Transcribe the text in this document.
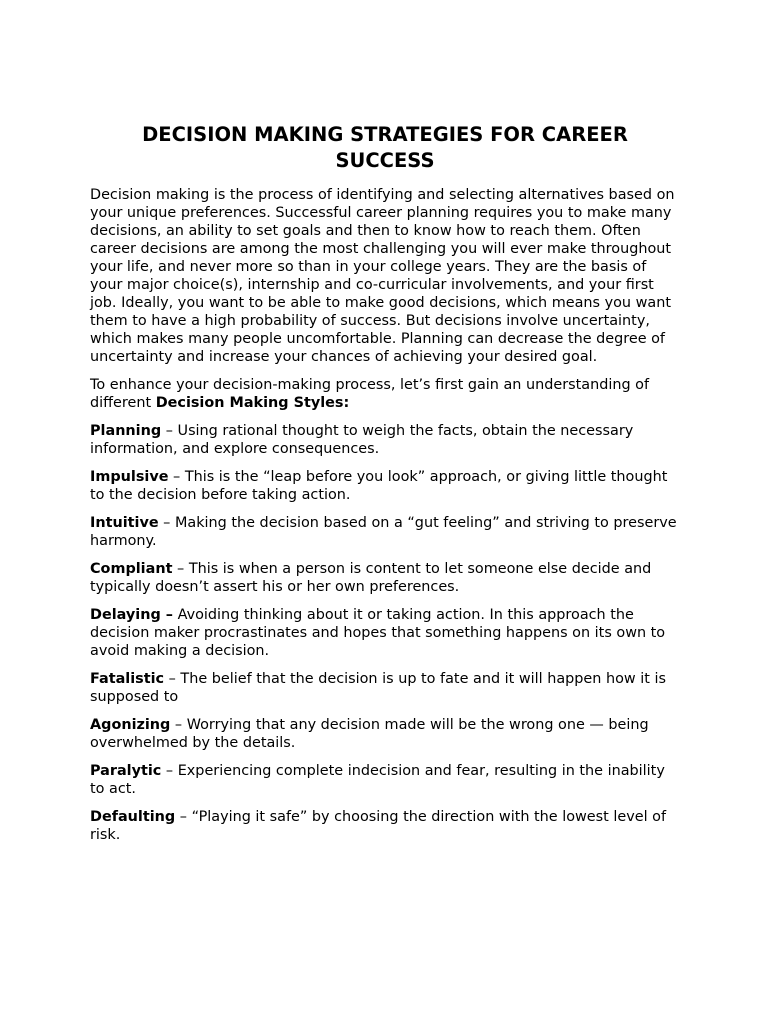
DECISION MAKING STRATEGIES FOR CAREER SUCCESS

Decision making is the process of identifying and selecting alternatives based on your unique preferences. Successful career planning requires you to make many decisions, an ability to set goals and then to know how to reach them. Often career decisions are among the most challenging you will ever make throughout your life, and never more so than in your college years. They are the basis of your major choice(s), internship and co-curricular involvements, and your first job. Ideally, you want to be able to make good decisions, which means you want them to have a high probability of success. But decisions involve uncertainty, which makes many people uncomfortable. Planning can decrease the degree of uncertainty and increase your chances of achieving your desired goal.

To enhance your decision-making process, let’s first gain an understanding of different Decision Making Styles:

Planning – Using rational thought to weigh the facts, obtain the necessary information, and explore consequences.

Impulsive – This is the “leap before you look” approach, or giving little thought to the decision before taking action.

Intuitive – Making the decision based on a “gut feeling” and striving to preserve harmony.

Compliant – This is when a person is content to let someone else decide and typically doesn’t assert his or her own preferences.

Delaying – Avoiding thinking about it or taking action. In this approach the decision maker procrastinates and hopes that something happens on its own to avoid making a decision.

Fatalistic – The belief that the decision is up to fate and it will happen how it is supposed to

Agonizing – Worrying that any decision made will be the wrong one — being overwhelmed by the details.

Paralytic – Experiencing complete indecision and fear, resulting in the inability to act.

Defaulting – “Playing it safe” by choosing the direction with the lowest level of risk.
